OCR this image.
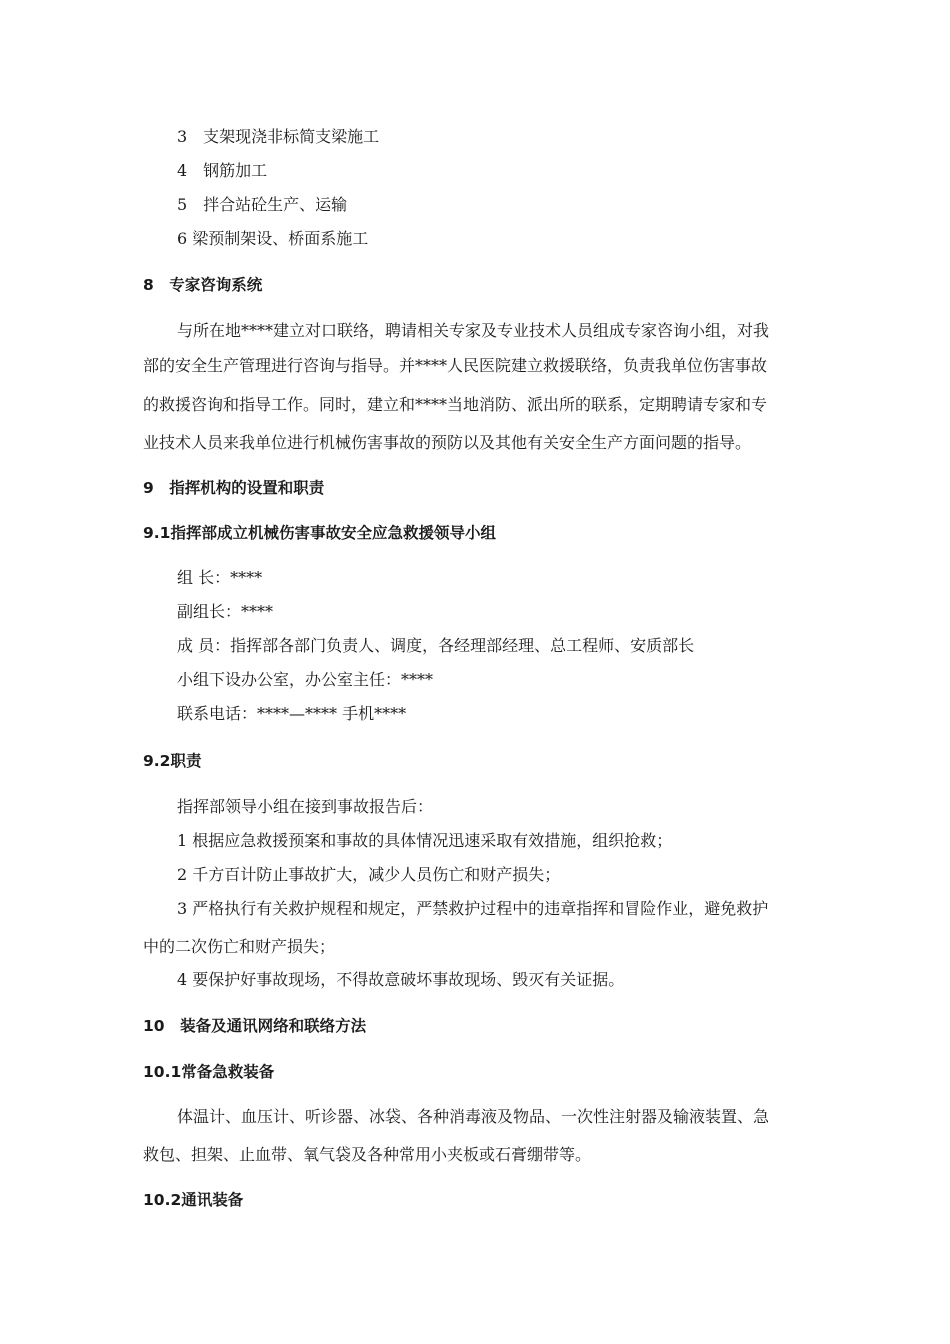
3　支架现浇非标简支梁施工
4　钢筋加工
5　拌合站砼生产、运输
6 梁预制架设、桥面系施工
8　专家咨询系统
与所在地****建立对口联络，聘请相关专家及专业技术人员组成专家咨询小组，对我
部的安全生产管理进行咨询与指导。并****人民医院建立救援联络，负责我单位伤害事故
的救援咨询和指导工作。同时，建立和****当地消防、派出所的联系，定期聘请专家和专
业技术人员来我单位进行机械伤害事故的预防以及其他有关安全生产方面问题的指导。
9　指挥机构的设置和职责
9.1指挥部成立机械伤害事故安全应急救援领导小组
组 长：****
副组长：****
成 员：指挥部各部门负责人、调度，各经理部经理、总工程师、安质部长
小组下设办公室，办公室主任：****
联系电话：****—**** 手机****
9.2职责
指挥部领导小组在接到事故报告后：
1 根据应急救援预案和事故的具体情况迅速采取有效措施，组织抢救；
2 千方百计防止事故扩大，减少人员伤亡和财产损失；
3 严格执行有关救护规程和规定，严禁救护过程中的违章指挥和冒险作业，避免救护
中的二次伤亡和财产损失；
4 要保护好事故现场，不得故意破坏事故现场、毁灭有关证据。
10　装备及通讯网络和联络方法
10.1常备急救装备
体温计、血压计、听诊器、冰袋、各种消毒液及物品、一次性注射器及输液装置、急
救包、担架、止血带、氧气袋及各种常用小夹板或石膏绷带等。
10.2通讯装备
